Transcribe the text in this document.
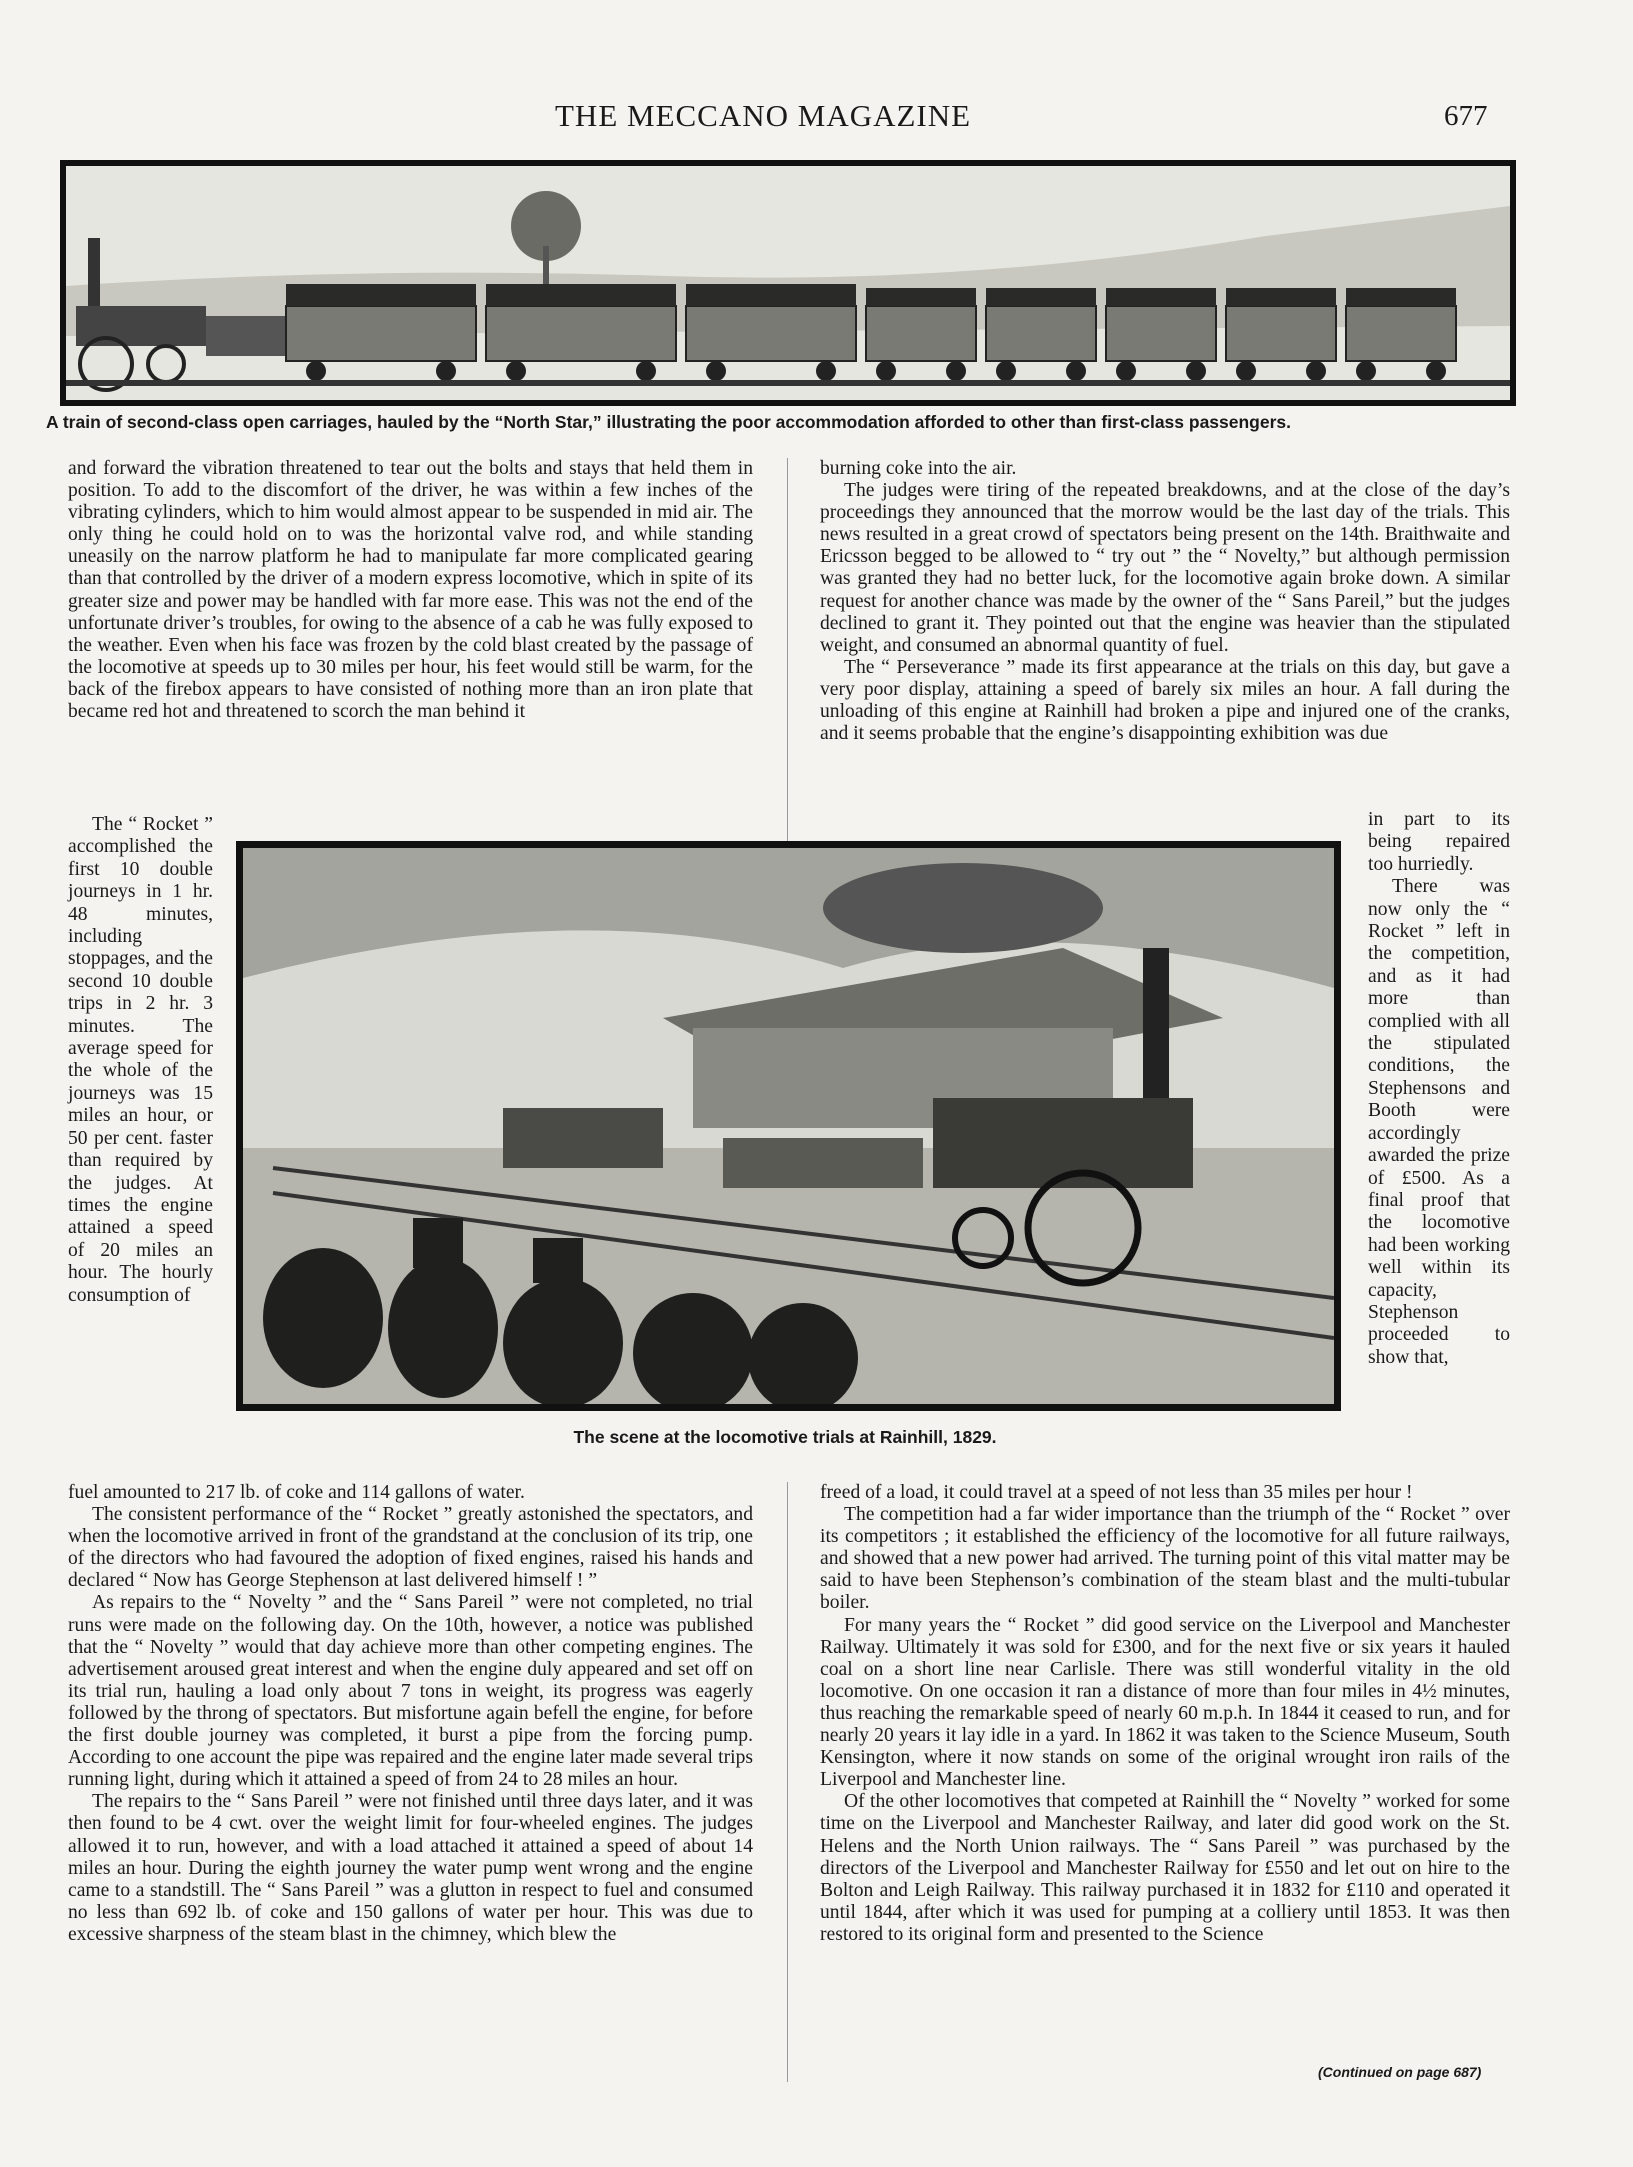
THE MECCANO MAGAZINE	677
A train of second-class open carriages, hauled by the “North Star,” illustrating the poor accommodation afforded to other than first-class passengers.

and forward the vibration threatened to tear out the bolts and stays that held them in position. To add to the discomfort of the driver, he was within a few inches of the vibrating cylinders, which to him would almost appear to be suspended in mid air. The only thing he could hold on to was the horizontal valve rod, and while standing uneasily on the narrow platform he had to manipulate far more complicated gearing than that controlled by the driver of a modern express locomotive, which in spite of its greater size and power may be handled with far more ease. This was not the end of the unfortunate driver’s troubles, for owing to the absence of a cab he was fully exposed to the weather. Even when his face was frozen by the cold blast created by the passage of the locomotive at speeds up to 30 miles per hour, his feet would still be warm, for the back of the firebox appears to have consisted of nothing more than an iron plate that became red hot and threatened to scorch the man behind it

burning coke into the air.

The judges were tiring of the repeated breakdowns, and at the close of the day’s proceedings they announced that the morrow would be the last day of the trials. This news resulted in a great crowd of spectators being present on the 14th. Braithwaite and Ericsson begged to be allowed to “ try out ” the “ Novelty,” but although permission was granted they had no better luck, for the locomotive again broke down. A similar request for another chance was made by the owner of the “ Sans Pareil,” but the judges declined to grant it. They pointed out that the engine was heavier than the stipulated weight, and consumed an abnormal quantity of fuel.

The “ Perseverance ” made its first appearance at the trials on this day, but gave a very poor display, attaining a speed of barely six miles an hour. A fall during the unloading of this engine at Rainhill had broken a pipe and injured one of the cranks, and it seems probable that the engine’s disappointing exhibition was due

The “ Rocket ” accomplished the first 10 double journeys in 1 hr. 48 minutes, including stoppages, and the second 10 double trips in 2 hr. 3 minutes. The average speed for the whole of the journeys was 15 miles an hour, or 50 per cent. faster than required by the judges. At times the engine attained a speed of 20 miles an hour. The hourly consumption of

in part to its being repaired too hurriedly.

There was now only the “ Rocket ” left in the competition, and as it had more than complied with all the stipulated conditions, the Stephensons and Booth were accordingly awarded the prize of £500. As a final proof that the locomotive had been working well within its capacity, Stephenson proceeded to show that,

The scene at the locomotive trials at Rainhill, 1829.

fuel amounted to 217 lb. of coke and 114 gallons of water.

The consistent performance of the “ Rocket ” greatly astonished the spectators, and when the locomotive arrived in front of the grandstand at the conclusion of its trip, one of the directors who had favoured the adoption of fixed engines, raised his hands and declared “ Now has George Stephenson at last delivered himself ! ”

As repairs to the “ Novelty ” and the “ Sans Pareil ” were not completed, no trial runs were made on the following day. On the 10th, however, a notice was published that the “ Novelty ” would that day achieve more than other competing engines. The advertisement aroused great interest and when the engine duly appeared and set off on its trial run, hauling a load only about 7 tons in weight, its progress was eagerly followed by the throng of spectators. But misfortune again befell the engine, for before the first double journey was completed, it burst a pipe from the forcing pump. According to one account the pipe was repaired and the engine later made several trips running light, during which it attained a speed of from 24 to 28 miles an hour.

The repairs to the “ Sans Pareil ” were not finished until three days later, and it was then found to be 4 cwt. over the weight limit for four-wheeled engines. The judges allowed it to run, however, and with a load attached it attained a speed of about 14 miles an hour. During the eighth journey the water pump went wrong and the engine came to a standstill. The “ Sans Pareil ” was a glutton in respect to fuel and consumed no less than 692 lb. of coke and 150 gallons of water per hour. This was due to excessive sharpness of the steam blast in the chimney, which blew the

freed of a load, it could travel at a speed of not less than 35 miles per hour !

The competition had a far wider importance than the triumph of the “ Rocket ” over its competitors ; it established the efficiency of the locomotive for all future railways, and showed that a new power had arrived. The turning point of this vital matter may be said to have been Stephenson’s combination of the steam blast and the multi-tubular boiler.

For many years the “ Rocket ” did good service on the Liverpool and Manchester Railway. Ultimately it was sold for £300, and for the next five or six years it hauled coal on a short line near Carlisle. There was still wonderful vitality in the old locomotive. On one occasion it ran a distance of more than four miles in 4½ minutes, thus reaching the remarkable speed of nearly 60 m.p.h. In 1844 it ceased to run, and for nearly 20 years it lay idle in a yard. In 1862 it was taken to the Science Museum, South Kensington, where it now stands on some of the original wrought iron rails of the Liverpool and Manchester line.

Of the other locomotives that competed at Rainhill the “ Novelty ” worked for some time on the Liverpool and Manchester Railway, and later did good work on the St. Helens and the North Union railways. The “ Sans Pareil ” was purchased by the directors of the Liverpool and Manchester Railway for £550 and let out on hire to the Bolton and Leigh Railway. This railway purchased it in 1832 for £110 and operated it until 1844, after which it was used for pumping at a colliery until 1853. It was then restored to its original form and presented to the Science

(Continued on page 687)
